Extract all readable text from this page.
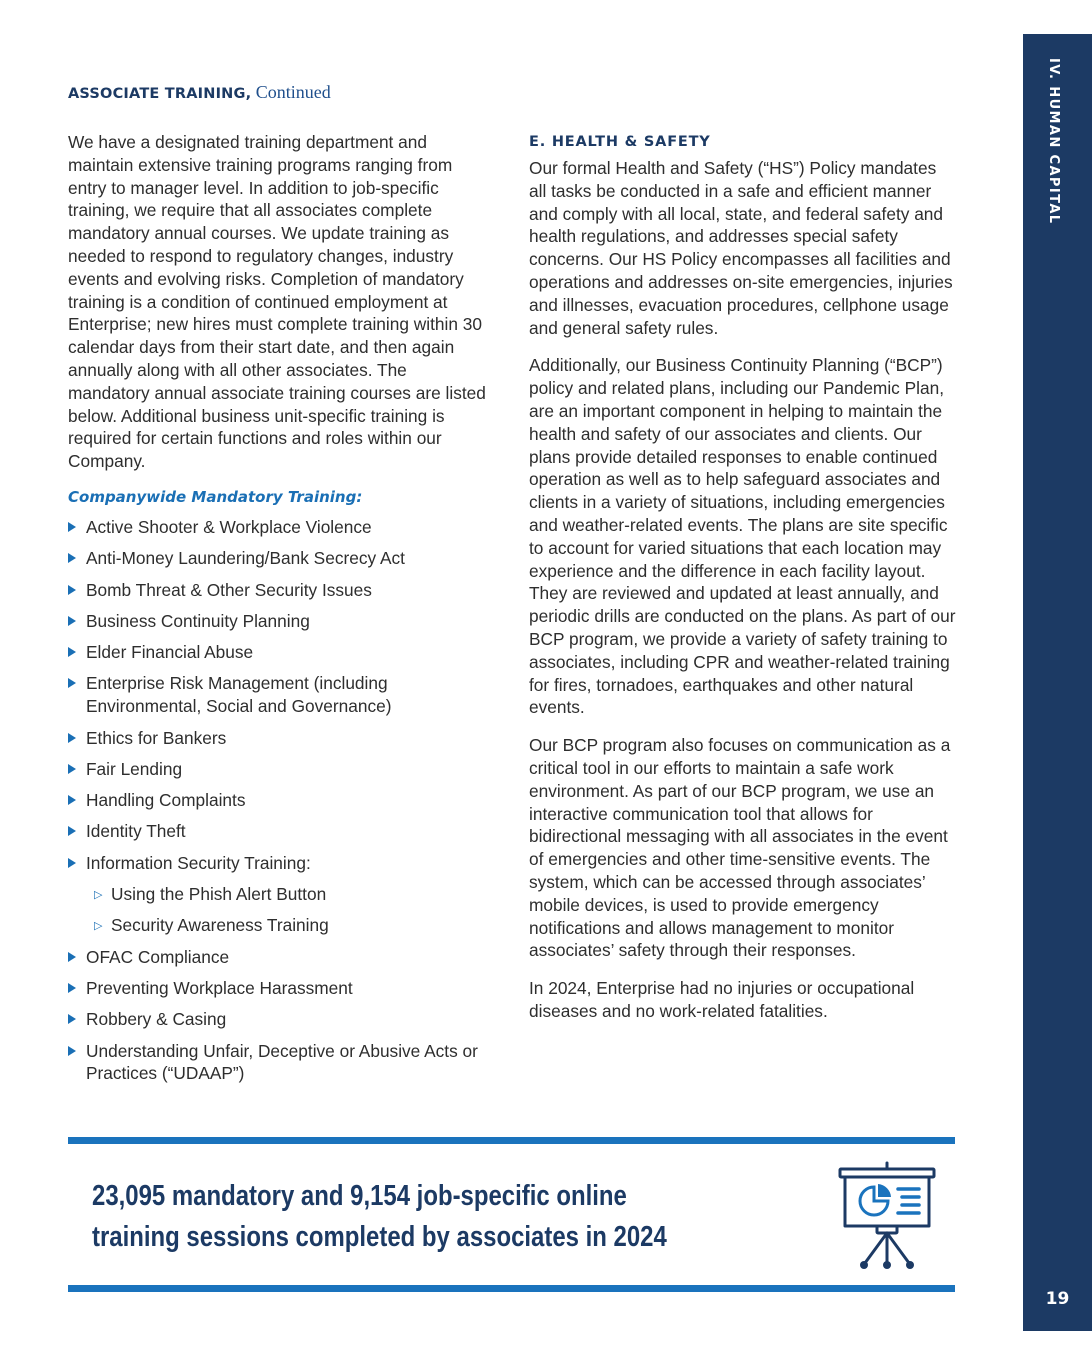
IV. HUMAN CAPITAL
19
ASSOCIATE TRAINING, Continued

We have a designated training department and maintain extensive training programs ranging from entry to manager level. In addition to job-specific training, we require that all associates complete mandatory annual courses. We update training as needed to respond to regulatory changes, industry events and evolving risks. Completion of mandatory training is a condition of continued employment at Enterprise; new hires must complete training within 30 calendar days from their start date, and then again annually along with all other associates. The mandatory annual associate training courses are listed below. Additional business unit-specific training is required for certain functions and roles within our Company.

Companywide Mandatory Training:
Active Shooter & Workplace Violence
Anti-Money Laundering/Bank Secrecy Act
Bomb Threat & Other Security Issues
Business Continuity Planning
Elder Financial Abuse
Enterprise Risk Management (including Environmental, Social and Governance)
Ethics for Bankers
Fair Lending
Handling Complaints
Identity Theft
Information Security Training:
▷ Using the Phish Alert Button
▷ Security Awareness Training
OFAC Compliance
Preventing Workplace Harassment
Robbery & Casing
Understanding Unfair, Deceptive or Abusive Acts or Practices (“UDAAP”)
E. HEALTH & SAFETY

Our formal Health and Safety (“HS”) Policy mandates all tasks be conducted in a safe and efficient manner and comply with all local, state, and federal safety and health regulations, and addresses special safety concerns. Our HS Policy encompasses all facilities and operations and addresses on-site emergencies, injuries and illnesses, evacuation procedures, cellphone usage and general safety rules.

Additionally, our Business Continuity Planning (“BCP”) policy and related plans, including our Pandemic Plan, are an important component in helping to maintain the health and safety of our associates and clients. Our plans provide detailed responses to enable continued operation as well as to help safeguard associates and clients in a variety of situations, including emergencies and weather-related events. The plans are site specific to account for varied situations that each location may experience and the difference in each facility layout. They are reviewed and updated at least annually, and periodic drills are conducted on the plans. As part of our BCP program, we provide a variety of safety training to associates, including CPR and weather-related training for fires, tornadoes, earthquakes and other natural events.

Our BCP program also focuses on communication as a critical tool in our efforts to maintain a safe work environment. As part of our BCP program, we use an interactive communication tool that allows for bidirectional messaging with all associates in the event of emergencies and other time-sensitive events. The system, which can be accessed through associates’ mobile devices, is used to provide emergency notifications and allows management to monitor associates’ safety through their responses.

In 2024, Enterprise had no injuries or occupational diseases and no work-related fatalities.

23,095 mandatory and 9,154 job-specific online
training sessions completed by associates in 2024
